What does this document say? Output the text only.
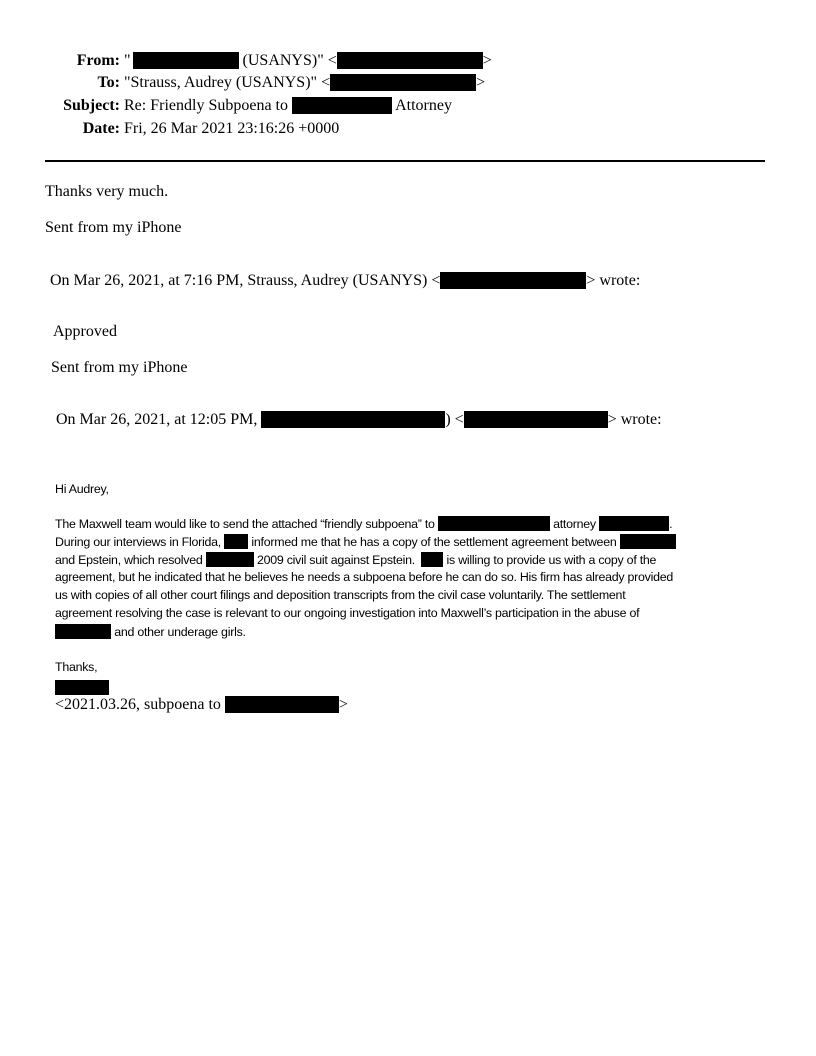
From: "	(USANYS)" <	>
To: "Strauss, Audrey (USANYS)" <	>
Subject: Re: Friendly Subpoena to	Attorney
Date: Fri, 26 Mar 2021 23:16:26 +0000
Thanks very much.
Sent from my iPhone
On Mar 26, 2021, at 7:16 PM, Strauss, Audrey (USANYS) <	> wrote:
Approved
Sent from my iPhone
On Mar 26, 2021, at 12:05 PM,	) <	> wrote:
Hi Audrey,
The Maxwell team would like to send the attached “friendly subpoena” to	attorney	.
During our interviews in Florida, informed me that he has a copy of the settlement agreement between
and Epstein, which resolved	2009 civil suit against Epstein.	is willing to provide us with a copy of the
agreement, but he indicated that he believes he needs a subpoena before he can do so. His firm has already provided
us with copies of all other court filings and deposition transcripts from the civil case voluntarily. The settlement
agreement resolving the case is relevant to our ongoing investigation into Maxwell’s participation in the abuse of
and other underage girls.
Thanks,
<2021.03.26, subpoena to	>
